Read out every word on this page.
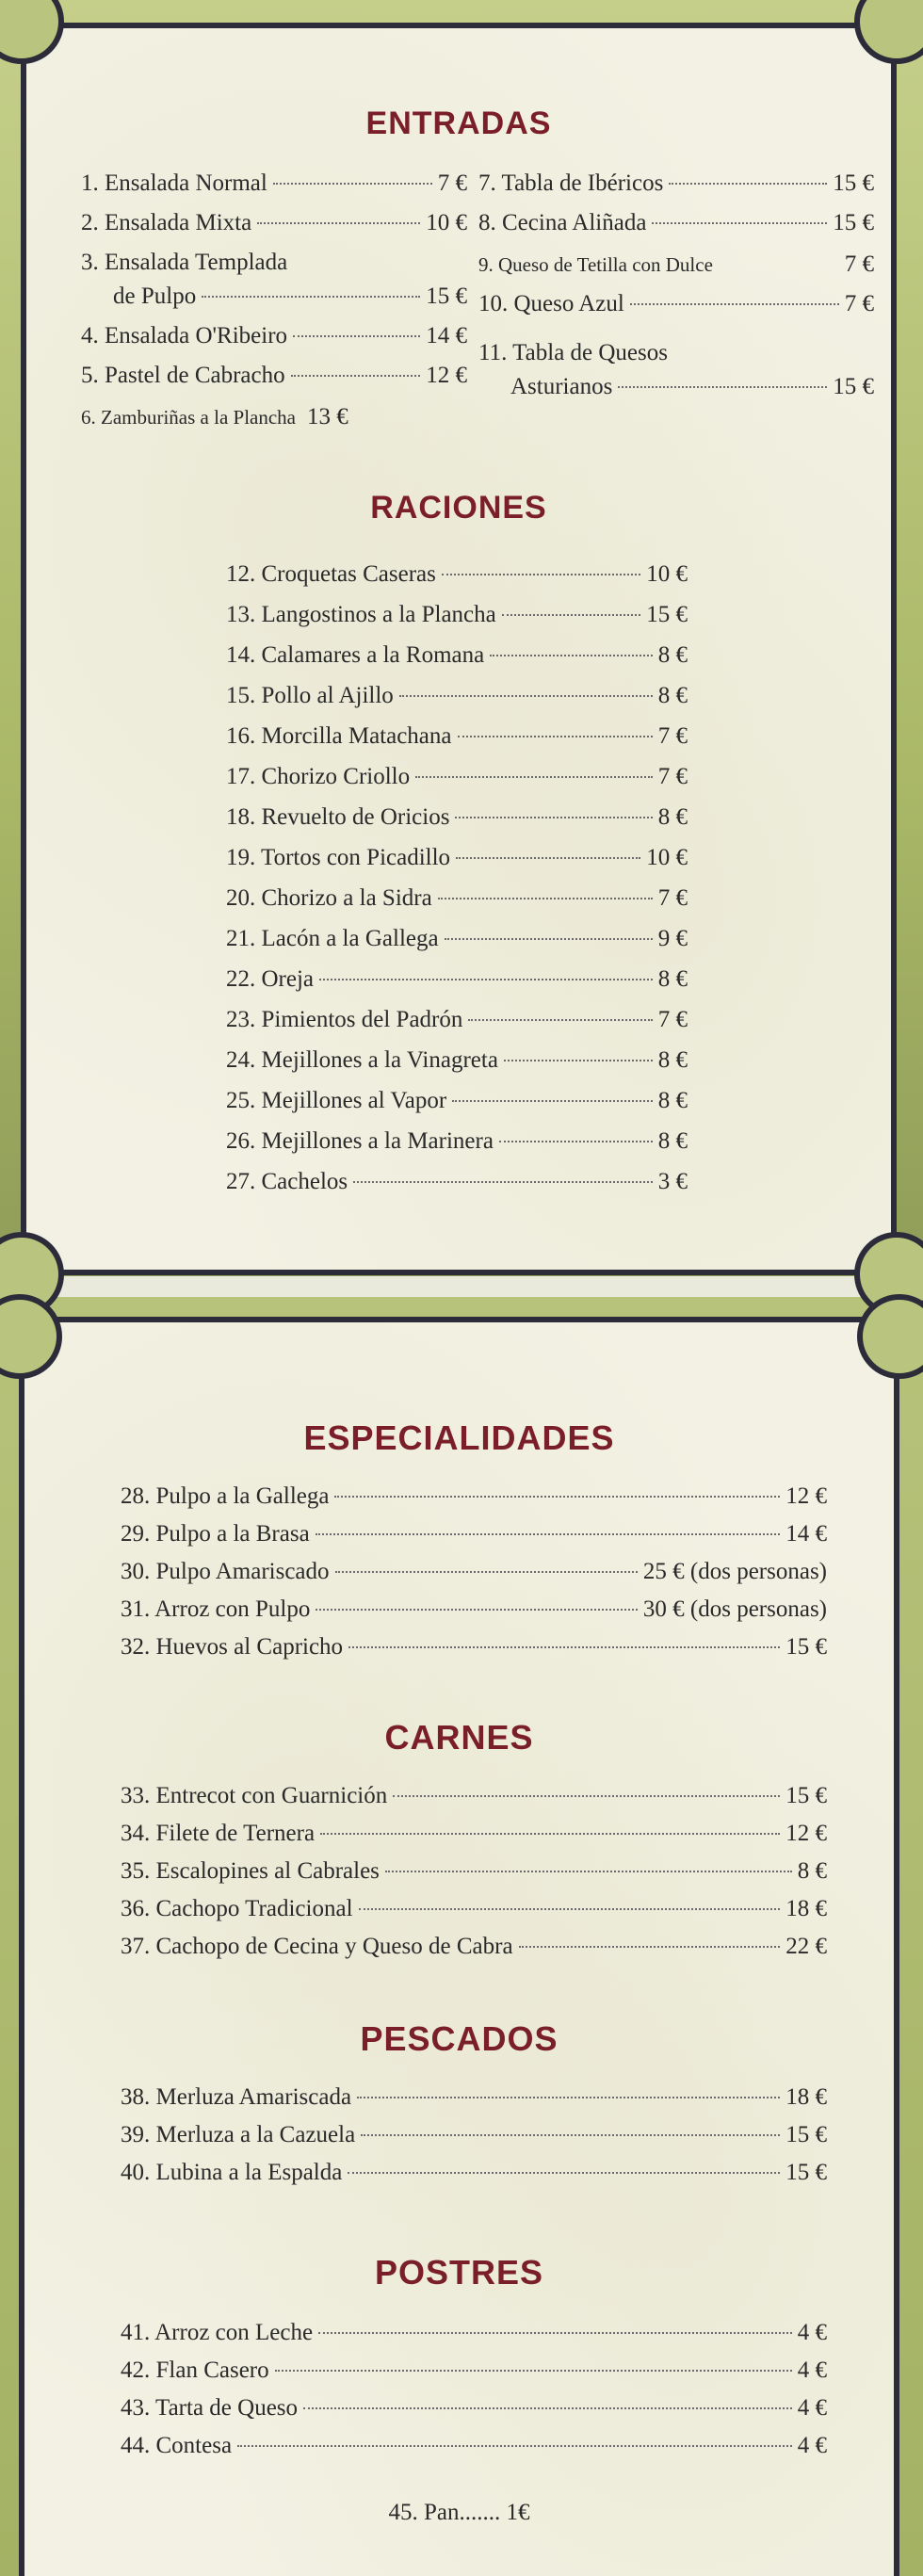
ENTRADAS
1. Ensalada Normal	7 €
2. Ensalada Mixta	10 €
3. Ensalada Templada
de Pulpo	15 €
4. Ensalada O'Ribeiro	14 €
5. Pastel de Cabracho	12 €
6. Zamburiñas a la Plancha 13 €
7. Tabla de Ibéricos	15 €
8. Cecina Aliñada	15 €
9. Queso de Tetilla con Dulce	7 €
10. Queso Azul	7 €
11. Tabla de Quesos
Asturianos	15 €
RACIONES
12. Croquetas Caseras	10 €
13. Langostinos a la Plancha	15 €
14. Calamares a la Romana	8 €
15. Pollo al Ajillo	8 €
16. Morcilla Matachana	7 €
17. Chorizo Criollo	7 €
18. Revuelto de Oricios	8 €
19. Tortos con Picadillo	10 €
20. Chorizo a la Sidra	7 €
21. Lacón a la Gallega	9 €
22. Oreja	8 €
23. Pimientos del Padrón	7 €
24. Mejillones a la Vinagreta	8 €
25. Mejillones al Vapor	8 €
26. Mejillones a la Marinera	8 €
27. Cachelos	3 €
ESPECIALIDADES
28. Pulpo a la Gallega	12 €
29. Pulpo a la Brasa	14 €
30. Pulpo Amariscado	25 € (dos personas)
31. Arroz con Pulpo	30 € (dos personas)
32. Huevos al Capricho	15 €
CARNES
33. Entrecot con Guarnición	15 €
34. Filete de Ternera	12 €
35. Escalopines al Cabrales	8 €
36. Cachopo Tradicional	18 €
37. Cachopo de Cecina y Queso de Cabra	22 €
PESCADOS
38. Merluza Amariscada	18 €
39. Merluza a la Cazuela	15 €
40. Lubina a la Espalda	15 €
POSTRES
41. Arroz con Leche	4 €
42. Flan Casero	4 €
43. Tarta de Queso	4 €
44. Contesa	4 €
45. Pan....... 1€
